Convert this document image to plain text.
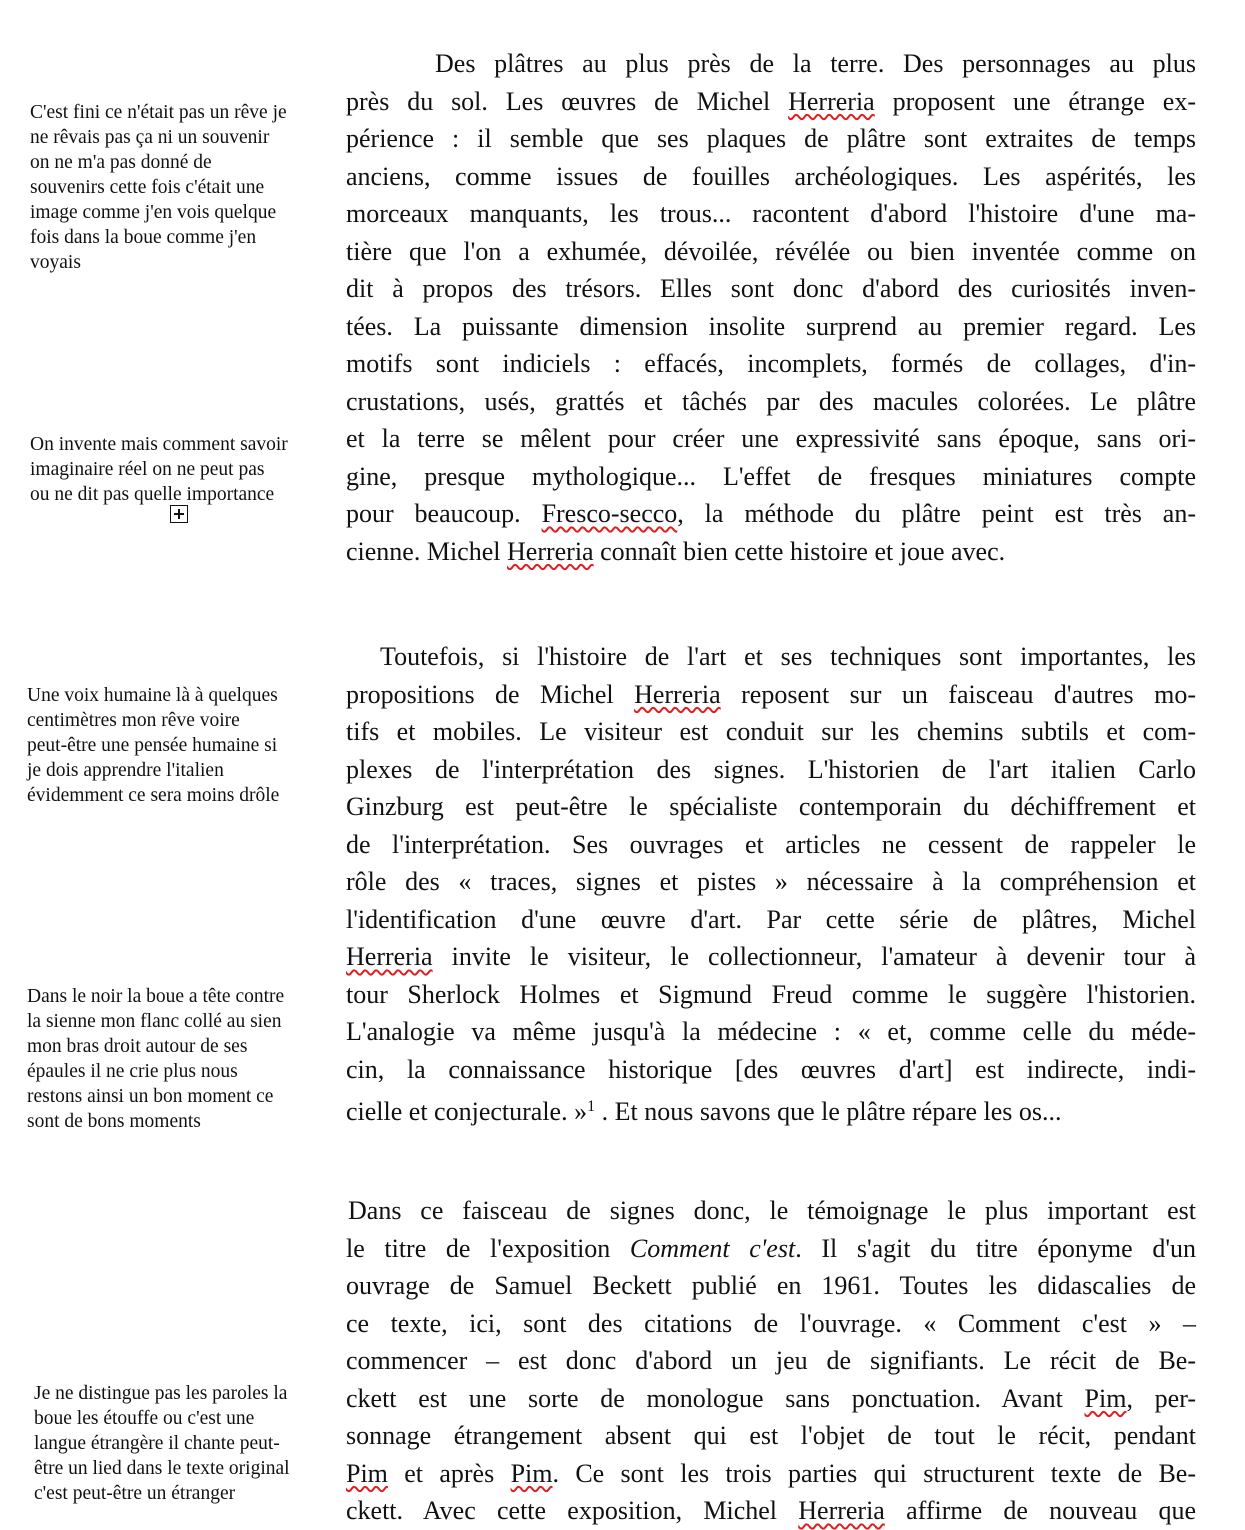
C'est fini ce n'était pas un rêve je
ne rêvais pas ça ni un souvenir
on ne m'a pas donné de
souvenirs cette fois c'était une
image comme j'en vois quelque
fois dans la boue comme j'en
voyais
On invente mais comment savoir
imaginaire réel on ne peut pas
ou ne dit pas quelle importance
Une voix humaine là à quelques
centimètres mon rêve voire
peut-être une pensée humaine si
je dois apprendre l'italien
évidemment ce sera moins drôle
Dans le noir la boue a tête contre
la sienne mon flanc collé au sien
mon bras droit autour de ses
épaules il ne crie plus nous
restons ainsi un bon moment ce
sont de bons moments
Je ne distingue pas les paroles la
boue les étouffe ou c'est une
langue étrangère il chante peut-
être un lied dans le texte original
c'est peut-être un étranger
Des plâtres au plus près de la terre. Des personnages au plus
près du sol. Les œuvres de Michel Herreria proposent une étrange ex-
périence : il semble que ses plaques de plâtre sont extraites de temps
anciens, comme issues de fouilles archéologiques. Les aspérités, les
morceaux manquants, les trous... racontent d'abord l'histoire d'une ma-
tière que l'on a exhumée, dévoilée, révélée ou bien inventée comme on
dit à propos des trésors. Elles sont donc d'abord des curiosités inven-
tées. La puissante dimension insolite surprend au premier regard. Les
motifs sont indiciels : effacés, incomplets, formés de collages, d'in-
crustations, usés, grattés et tâchés par des macules colorées. Le plâtre
et la terre se mêlent pour créer une expressivité sans époque, sans ori-
gine, presque mythologique... L'effet de fresques miniatures compte
pour beaucoup. Fresco-secco, la méthode du plâtre peint est très an-
cienne. Michel Herreria connaît bien cette histoire et joue avec.
Toutefois, si l'histoire de l'art et ses techniques sont importantes, les
propositions de Michel Herreria reposent sur un faisceau d'autres mo-
tifs et mobiles. Le visiteur est conduit sur les chemins subtils et com-
plexes de l'interprétation des signes. L'historien de l'art italien Carlo
Ginzburg est peut-être le spécialiste contemporain du déchiffrement et
de l'interprétation. Ses ouvrages et articles ne cessent de rappeler le
rôle des « traces, signes et pistes » nécessaire à la compréhension et
l'identification d'une œuvre d'art. Par cette série de plâtres, Michel
Herreria invite le visiteur, le collectionneur, l'amateur à devenir tour à
tour Sherlock Holmes et Sigmund Freud comme le suggère l'historien.
L'analogie va même jusqu'à la médecine : « et, comme celle du méde-
cin, la connaissance historique [des œuvres d'art] est indirecte, indi-
cielle et conjecturale. »$^1$ . Et nous savons que le plâtre répare les os...
Dans ce faisceau de signes donc, le témoignage le plus important est
le titre de l'exposition Comment c'est. Il s'agit du titre éponyme d'un
ouvrage de Samuel Beckett publié en 1961. Toutes les didascalies de
ce texte, ici, sont des citations de l'ouvrage. « Comment c'est » –
commencer – est donc d'abord un jeu de signifiants. Le récit de Be-
ckett est une sorte de monologue sans ponctuation. Avant Pim, per-
sonnage étrangement absent qui est l'objet de tout le récit, pendant
Pim et après Pim. Ce sont les trois parties qui structurent texte de Be-
ckett. Avec cette exposition, Michel Herreria affirme de nouveau que
